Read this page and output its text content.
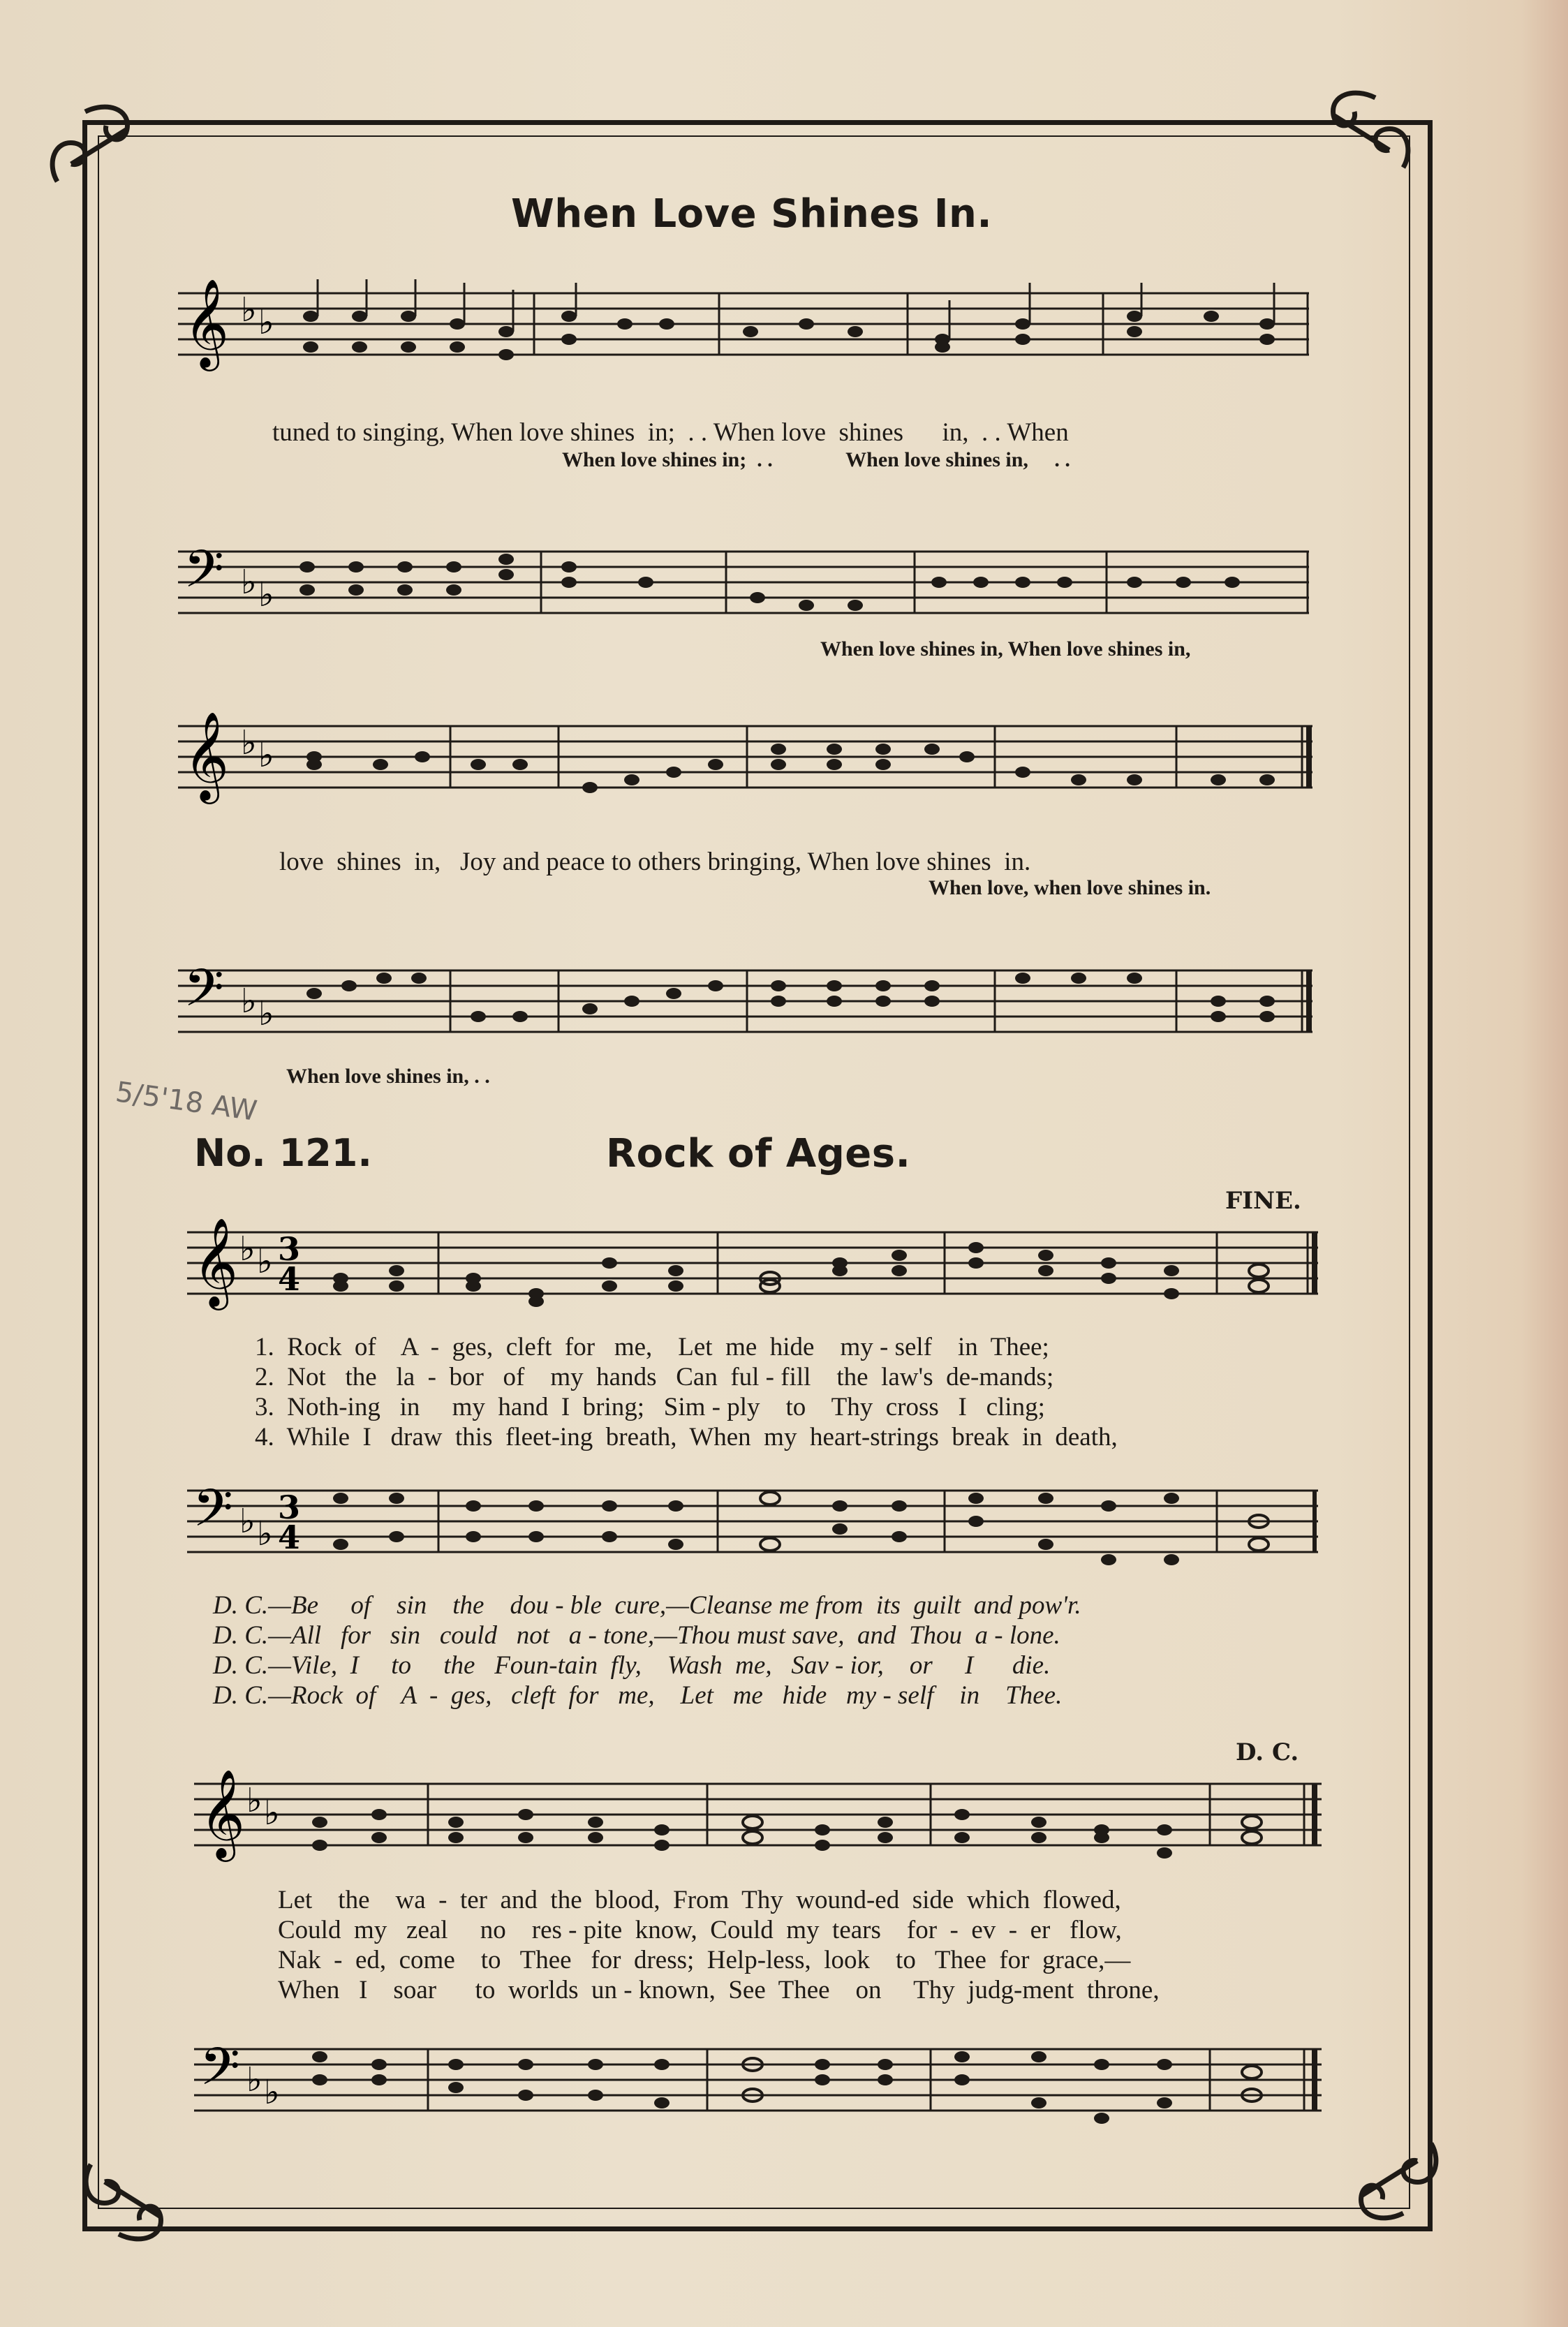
When Love Shines In.
𝄞 ♭ ♭
tuned to singing, When love shines  in;  . . When love  shines      in,  . . When
When love shines in;  . .              When love shines in,     . .
𝄢 ♭ ♭
When love shines in, When love shines in,
𝄞 ♭ ♭
love  shines  in,   Joy and peace to others bringing, When love shines  in.
When love, when love shines in.
𝄢 ♭ ♭
When love shines in, . .
5/5'18 AW
No. 121.	Rock of Ages.
FINE.
𝄞 ♭ ♭ 3
4
1.  Rock  of    A  -  ges,  cleft  for   me,    Let  me  hide    my - self    in  Thee;
2.  Not   the   la  -  bor   of    my  hands   Can  ful - fill    the  law's  de-mands;
3.  Noth-ing   in     my  hand  I  bring;   Sim - ply    to    Thy  cross   I   cling;
4.  While  I   draw  this  fleet-ing  breath,  When  my  heart-strings  break  in  death,
𝄢 ♭ ♭
3
4
D. C.—Be     of    sin    the    dou - ble  cure,—Cleanse me from  its  guilt  and pow'r.
D. C.—All   for   sin   could   not   a - tone,—Thou must save,  and  Thou  a - lone.
D. C.—Vile,  I     to     the   Foun-tain  fly,    Wash  me,   Sav - ior,    or     I      die.
D. C.—Rock  of    A  -  ges,   cleft  for   me,    Let   me   hide   my - self    in    Thee.
D. C.
𝄞 ♭ ♭
Let    the    wa  -  ter  and  the  blood,  From  Thy  wound-ed  side  which  flowed,
Could  my   zeal     no    res - pite  know,  Could  my  tears    for  -  ev  -  er   flow,
Nak  -  ed,  come    to   Thee   for  dress;  Help-less,  look    to   Thee  for  grace,—
When   I    soar      to  worlds  un - known,  See  Thee    on     Thy  judg-ment  throne,
𝄢 ♭ ♭
